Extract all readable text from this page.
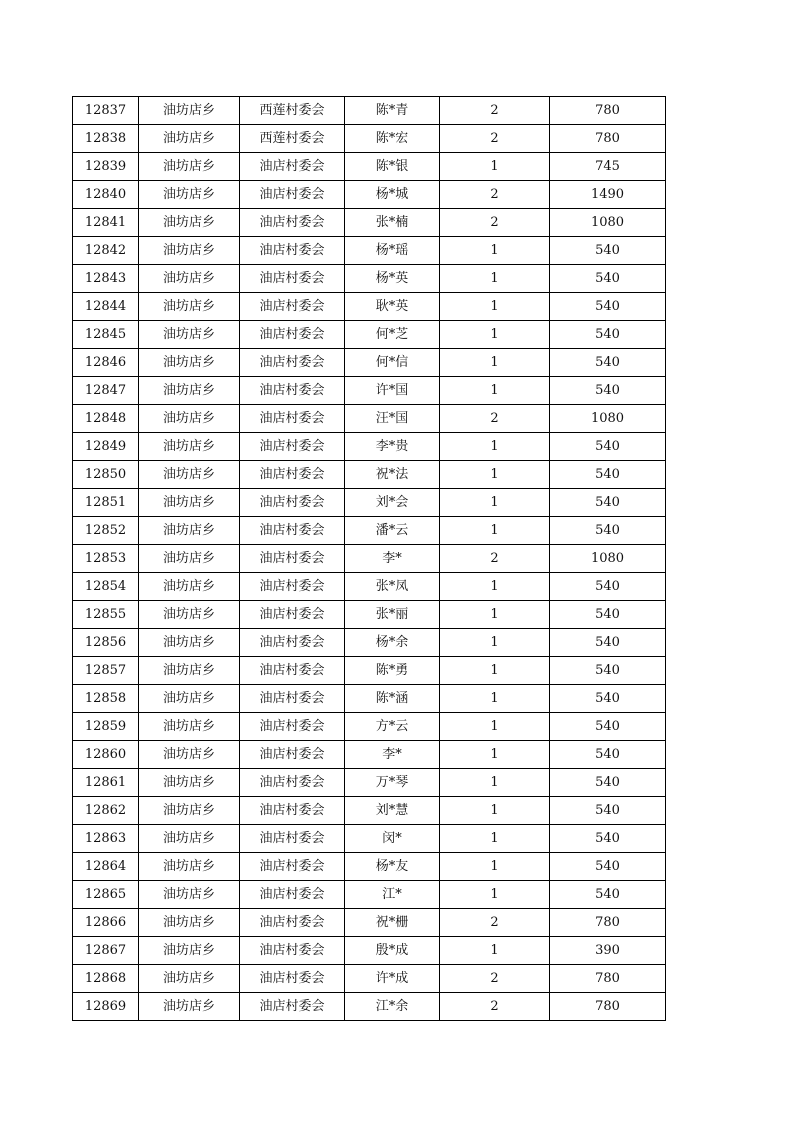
12837	油坊店乡	西莲村委会	陈*青	2	780
12838	油坊店乡	西莲村委会	陈*宏	2	780
12839	油坊店乡	油店村委会	陈*银	1	745
12840	油坊店乡	油店村委会	杨*城	2	1490
12841	油坊店乡	油店村委会	张*楠	2	1080
12842	油坊店乡	油店村委会	杨*瑶	1	540
12843	油坊店乡	油店村委会	杨*英	1	540
12844	油坊店乡	油店村委会	耿*英	1	540
12845	油坊店乡	油店村委会	何*芝	1	540
12846	油坊店乡	油店村委会	何*信	1	540
12847	油坊店乡	油店村委会	许*国	1	540
12848	油坊店乡	油店村委会	汪*国	2	1080
12849	油坊店乡	油店村委会	李*贵	1	540
12850	油坊店乡	油店村委会	祝*法	1	540
12851	油坊店乡	油店村委会	刘*会	1	540
12852	油坊店乡	油店村委会	潘*云	1	540
12853	油坊店乡	油店村委会	李*	2	1080
12854	油坊店乡	油店村委会	张*凤	1	540
12855	油坊店乡	油店村委会	张*丽	1	540
12856	油坊店乡	油店村委会	杨*余	1	540
12857	油坊店乡	油店村委会	陈*勇	1	540
12858	油坊店乡	油店村委会	陈*涵	1	540
12859	油坊店乡	油店村委会	方*云	1	540
12860	油坊店乡	油店村委会	李*	1	540
12861	油坊店乡	油店村委会	万*琴	1	540
12862	油坊店乡	油店村委会	刘*慧	1	540
12863	油坊店乡	油店村委会	闵*	1	540
12864	油坊店乡	油店村委会	杨*友	1	540
12865	油坊店乡	油店村委会	江*	1	540
12866	油坊店乡	油店村委会	祝*栅	2	780
12867	油坊店乡	油店村委会	殷*成	1	390
12868	油坊店乡	油店村委会	许*成	2	780
12869	油坊店乡	油店村委会	江*余	2	780
